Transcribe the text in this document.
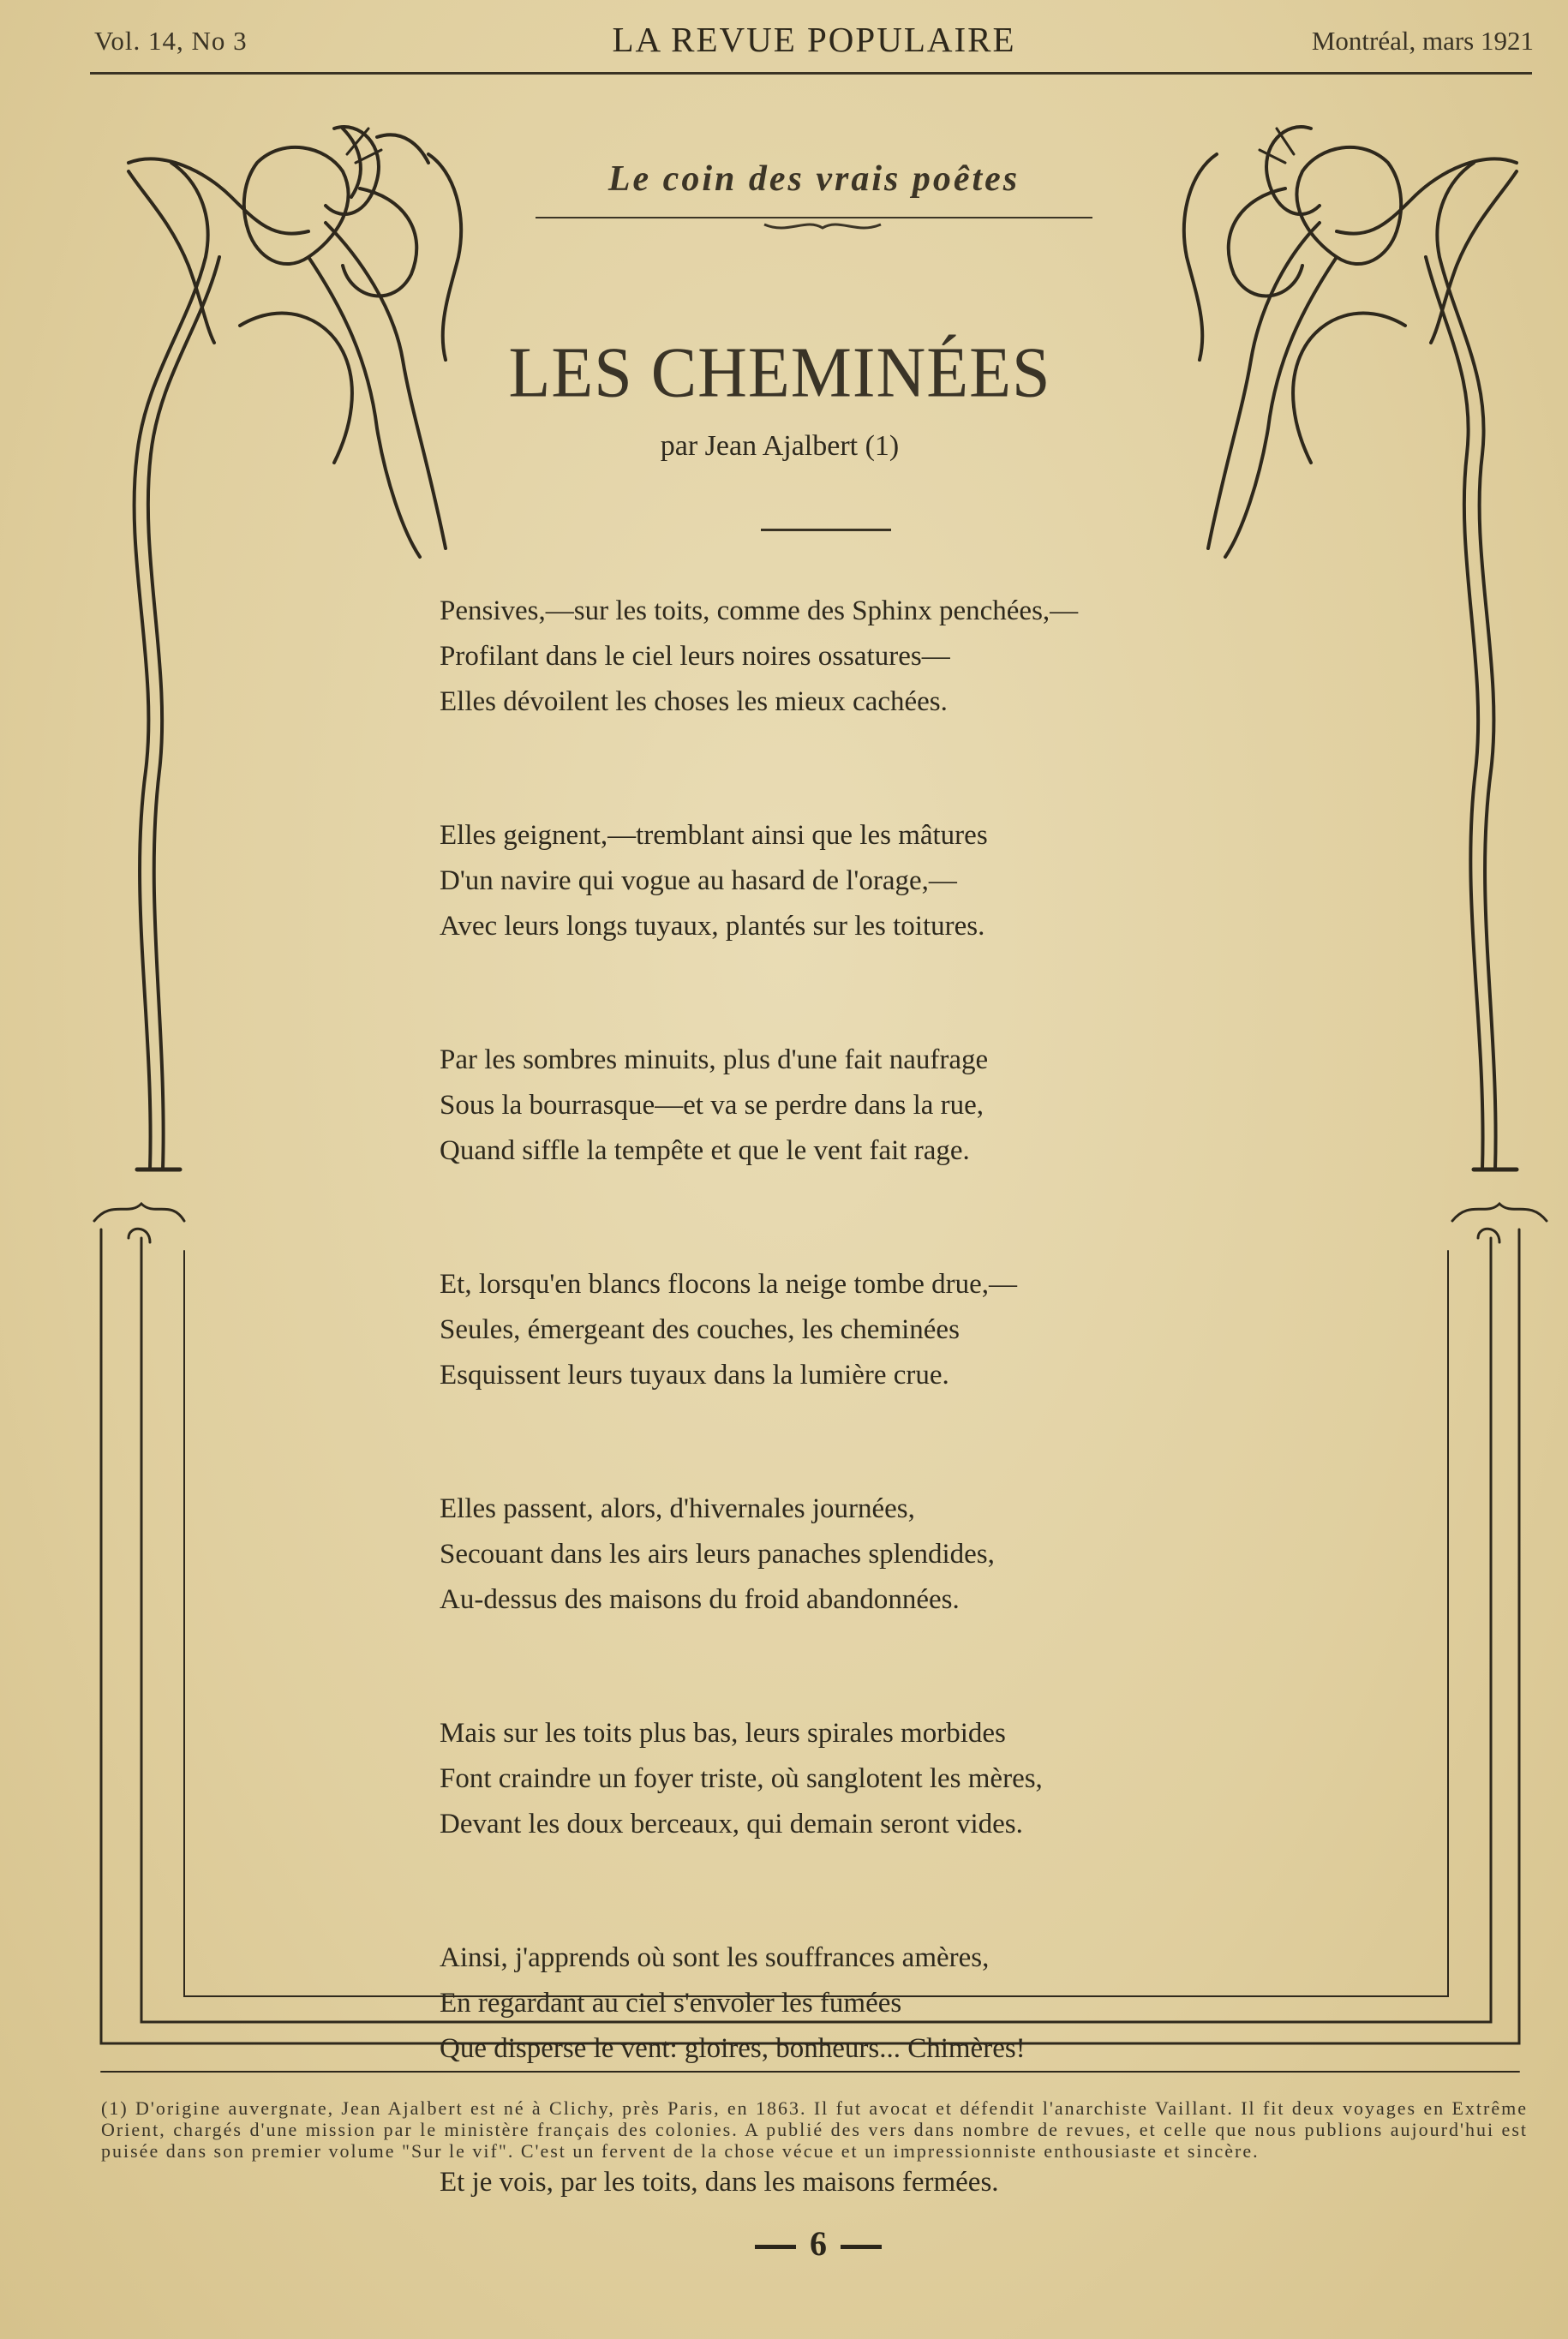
Vol. 14, No 3	LA REVUE POPULAIRE	Montréal, mars 1921
Le coin des vrais poêtes
LES CHEMINÉES
par Jean Ajalbert (1)
Pensives,—sur les toits, comme des Sphinx penchées,—
Profilant dans le ciel leurs noires ossatures—
Elles dévoilent les choses les mieux cachées.
Elles geignent,—tremblant ainsi que les mâtures
D'un navire qui vogue au hasard de l'orage,—
Avec leurs longs tuyaux, plantés sur les toitures.
Par les sombres minuits, plus d'une fait naufrage
Sous la bourrasque—et va se perdre dans la rue,
Quand siffle la tempête et que le vent fait rage.
Et, lorsqu'en blancs flocons la neige tombe drue,—
Seules, émergeant des couches, les cheminées
Esquissent leurs tuyaux dans la lumière crue.
Elles passent, alors, d'hivernales journées,
Secouant dans les airs leurs panaches splendides,
Au-dessus des maisons du froid abandonnées.
Mais sur les toits plus bas, leurs spirales morbides
Font craindre un foyer triste, où sanglotent les mères,
Devant les doux berceaux, qui demain seront vides.
Ainsi, j'apprends où sont les souffrances amères,
En regardant au ciel s'envoler les fumées
Que disperse le vent: gloires, bonheurs... Chimères!
Et je vois, par les toits, dans les maisons fermées.
(1) D'origine auvergnate, Jean Ajalbert est né à Clichy, près Paris, en 1863. Il fut avocat et défendit l'anarchiste Vaillant. Il fit deux voyages en Extrême Orient, chargés d'une mission par le ministère français des colonies. A publié des vers dans nombre de revues, et celle que nous publions aujourd'hui est puisée dans son premier volume "Sur le vif". C'est un fervent de la chose vécue et un impressionniste enthousiaste et sincère.
6
